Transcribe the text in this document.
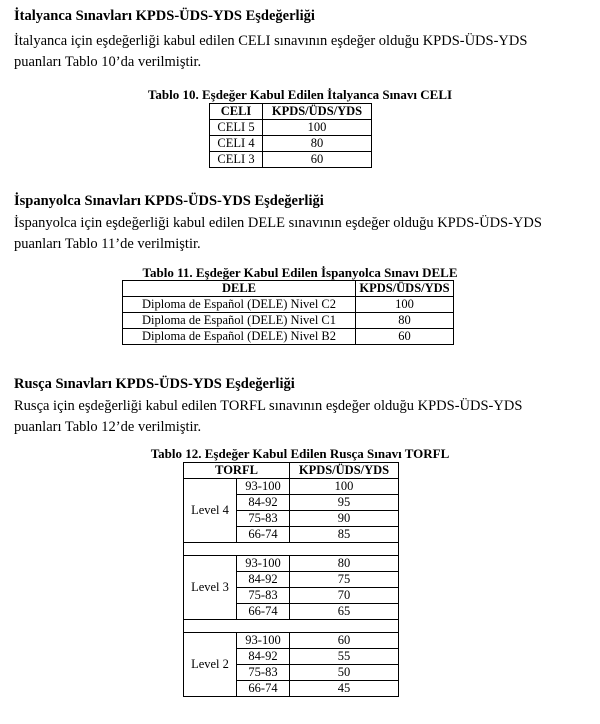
İtalyanca Sınavları KPDS-ÜDS-YDS Eşdeğerliği

İtalyanca için eşdeğerliği kabul edilen CELI sınavının eşdeğer olduğu KPDS-ÜDS-YDS
puanları Tablo 10’da verilmiştir.

Tablo 10. Eşdeğer Kabul Edilen İtalyanca Sınavı CELI
CELI	KPDS/ÜDS/YDS
CELI 5	100
CELI 4	80
CELI 3	60

İspanyolca Sınavları KPDS-ÜDS-YDS Eşdeğerliği

İspanyolca için eşdeğerliği kabul edilen DELE sınavının eşdeğer olduğu KPDS-ÜDS-YDS
puanları Tablo 11’de verilmiştir.

Tablo 11. Eşdeğer Kabul Edilen İspanyolca Sınavı DELE
DELE	KPDS/ÜDS/YDS
Diploma de Español (DELE) Nivel C2	100
Diploma de Español (DELE) Nivel C1	80
Diploma de Español (DELE) Nivel B2	60

Rusça Sınavları KPDS-ÜDS-YDS Eşdeğerliği

Rusça için eşdeğerliği kabul edilen TORFL sınavının eşdeğer olduğu KPDS-ÜDS-YDS
puanları Tablo 12’de verilmiştir.

Tablo 12. Eşdeğer Kabul Edilen Rusça Sınavı TORFL
TORFL		KPDS/ÜDS/YDS
Level 4	93-100	100
	84-92	95
	75-83	90
	66-74	85

Level 3	93-100	80
	84-92	75
	75-83	70
	66-74	65

Level 2	93-100	60
	84-92	55
	75-83	50
	66-74	45
